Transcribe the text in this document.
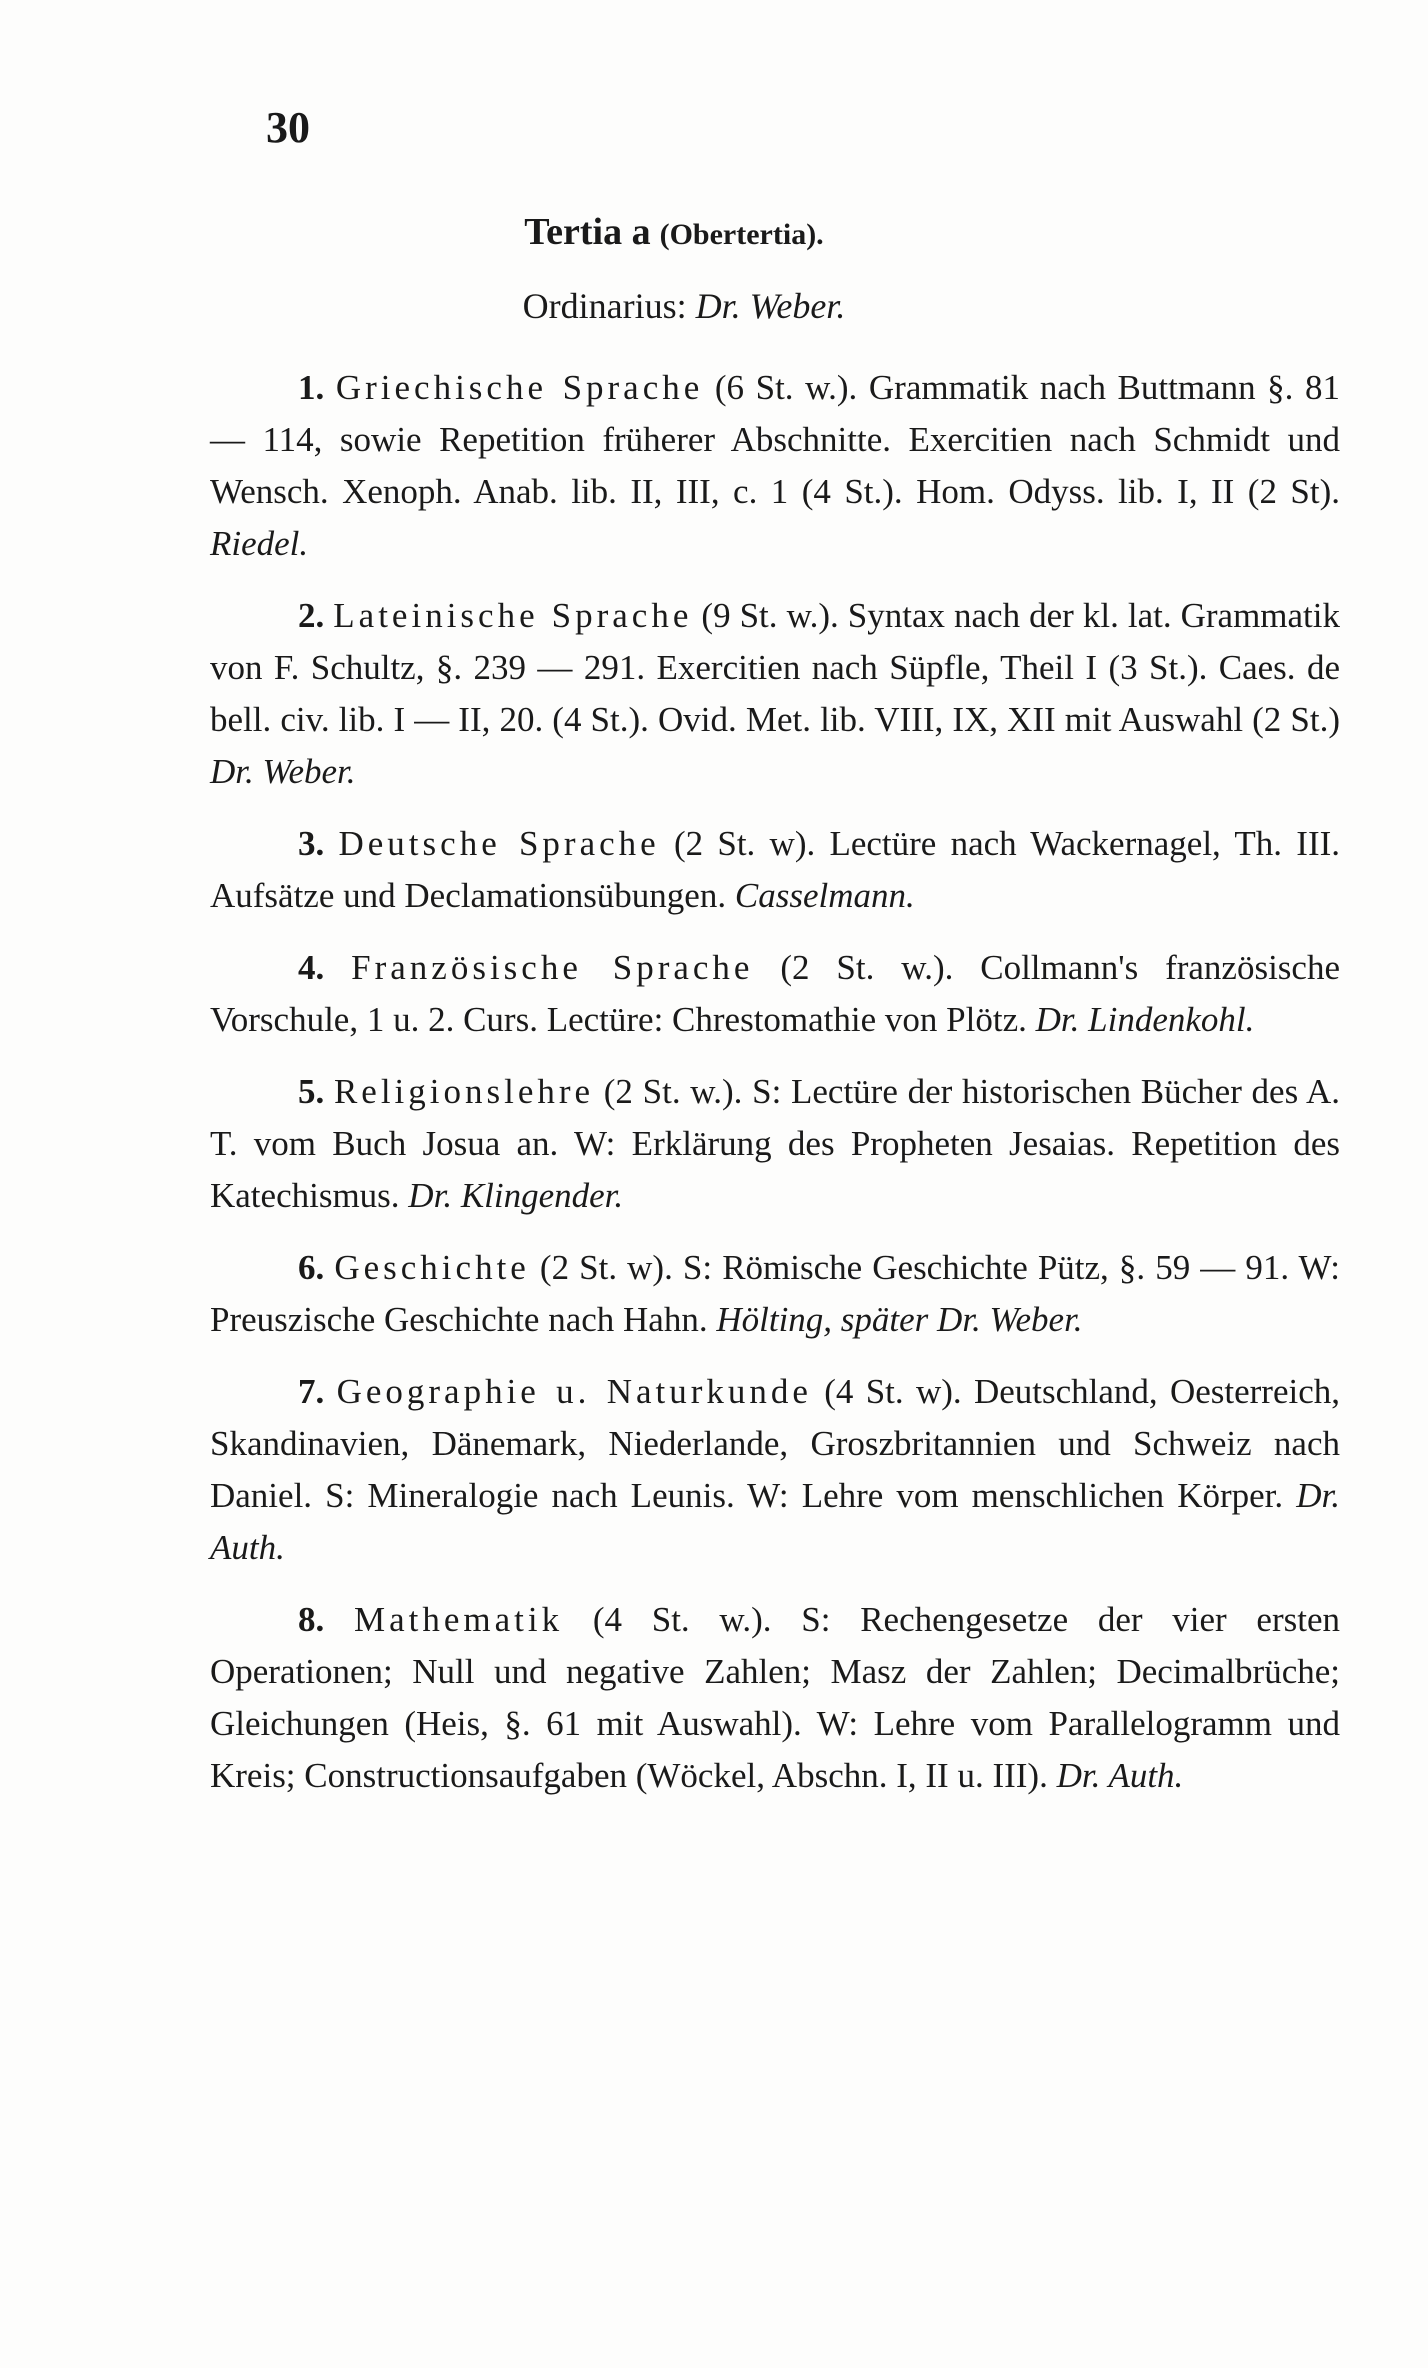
30
Tertia a (Obertertia).
Ordinarius: Dr. Weber.

1. Griechische Sprache (6 St. w.). Grammatik nach Buttmann §. 81 — 114, sowie Repetition früherer Abschnitte. Exercitien nach Schmidt und Wensch. Xenoph. Anab. lib. II, III, c. 1 (4 St.). Hom. Odyss. lib. I, II (2 St). Riedel.

2. Lateinische Sprache (9 St. w.). Syntax nach der kl. lat. Grammatik von F. Schultz, §. 239 — 291. Exercitien nach Süpfle, Theil I (3 St.). Caes. de bell. civ. lib. I — II, 20. (4 St.). Ovid. Met. lib. VIII, IX, XII mit Auswahl (2 St.) Dr. Weber.

3. Deutsche Sprache (2 St. w). Lectüre nach Wackernagel, Th. III. Aufsätze und Declamationsübungen. Casselmann.

4. Französische Sprache (2 St. w.). Collmann's französische Vorschule, 1 u. 2. Curs. Lectüre: Chrestomathie von Plötz. Dr. Lindenkohl.

5. Religionslehre (2 St. w.). S: Lectüre der historischen Bücher des A. T. vom Buch Josua an. W: Erklärung des Propheten Jesaias. Repetition des Katechismus. Dr. Klingender.

6. Geschichte (2 St. w). S: Römische Geschichte Pütz, §. 59 — 91. W: Preuszische Geschichte nach Hahn. Hölting, später Dr. Weber.

7. Geographie u. Naturkunde (4 St. w). Deutschland, Oesterreich, Skandinavien, Dänemark, Niederlande, Groszbritannien und Schweiz nach Daniel. S: Mineralogie nach Leunis. W: Lehre vom menschlichen Körper. Dr. Auth.

8. Mathematik (4 St. w.). S: Rechengesetze der vier ersten Operationen; Null und negative Zahlen; Masz der Zahlen; Decimalbrüche; Gleichungen (Heis, §. 61 mit Auswahl). W: Lehre vom Parallelogramm und Kreis; Constructionsaufgaben (Wöckel, Abschn. I, II u. III). Dr. Auth.
